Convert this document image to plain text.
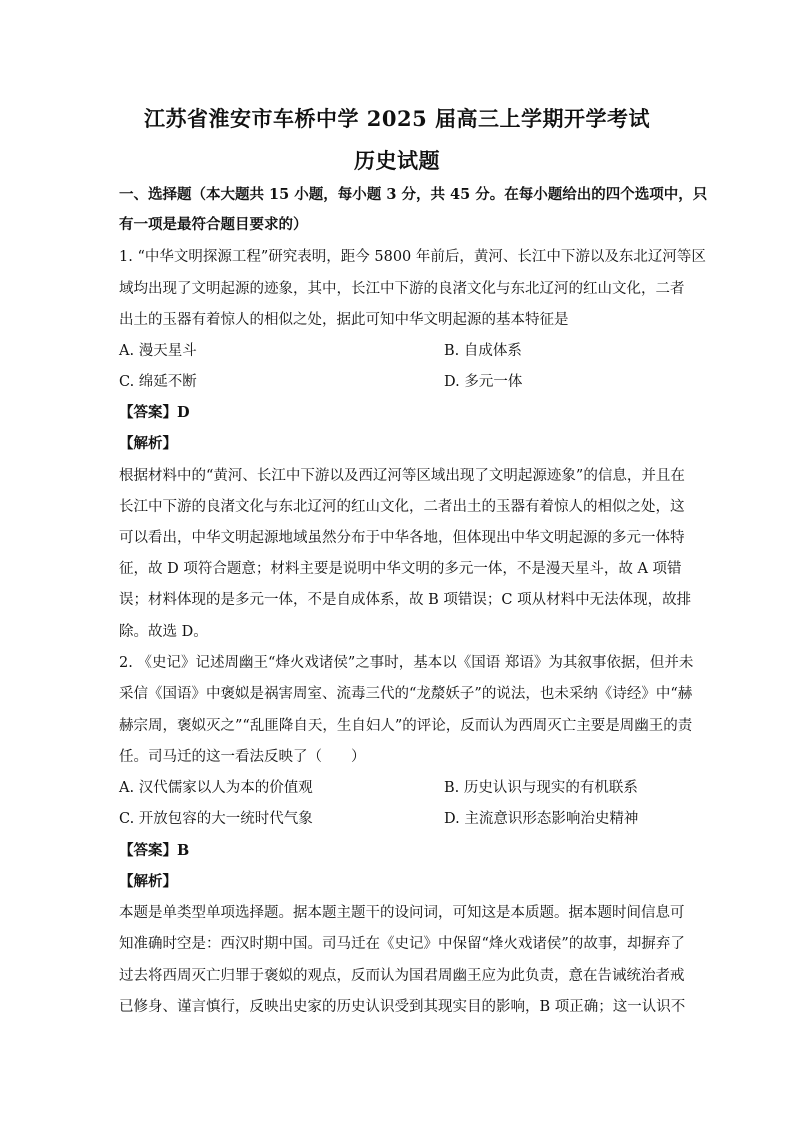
江苏省淮安市车桥中学 2025 届高三上学期开学考试
历史试题
一、选择题（本大题共 15 小题，每小题 3 分，共 45 分。在每小题给出的四个选项中，只
有一项是最符合题目要求的）
1. “中华文明探源工程”研究表明，距今 5800 年前后，黄河、长江中下游以及东北辽河等区
域均出现了文明起源的迹象，其中，长江中下游的良渚文化与东北辽河的红山文化，二者
出土的玉器有着惊人的相似之处，据此可知中华文明起源的基本特征是
A. 漫天星斗	B. 自成体系
C. 绵延不断	D. 多元一体
【答案】D
【解析】
根据材料中的“黄河、长江中下游以及西辽河等区域出现了文明起源迹象”的信息，并且在
长江中下游的良渚文化与东北辽河的红山文化，二者出土的玉器有着惊人的相似之处，这
可以看出，中华文明起源地域虽然分布于中华各地，但体现出中华文明起源的多元一体特
征，故 D 项符合题意；材料主要是说明中华文明的多元一体，不是漫天星斗，故 A 项错
误；材料体现的是多元一体，不是自成体系，故 B 项错误；C 项从材料中无法体现，故排
除。故选 D。
2. 《史记》记述周幽王“烽火戏诸侯”之事时，基本以《国语 郑语》为其叙事依据，但并未
采信《国语》中褒姒是祸害周室、流毒三代的“龙漦妖子”的说法，也未采纳《诗经》中“赫
赫宗周，褒姒灭之”“乱匪降自天，生自妇人”的评论，反而认为西周灭亡主要是周幽王的责
任。司马迁的这一看法反映了（　　）
A. 汉代儒家以人为本的价值观	B. 历史认识与现实的有机联系
C. 开放包容的大一统时代气象	D. 主流意识形态影响治史精神
【答案】B
【解析】
本题是单类型单项选择题。据本题主题干的设问词，可知这是本质题。据本题时间信息可
知准确时空是：西汉时期中国。司马迁在《史记》中保留“烽火戏诸侯”的故事，却摒弃了
过去将西周灭亡归罪于褒姒的观点，反而认为国君周幽王应为此负责，意在告诫统治者戒
已修身、谨言慎行，反映出史家的历史认识受到其现实目的影响，B 项正确；这一认识不
